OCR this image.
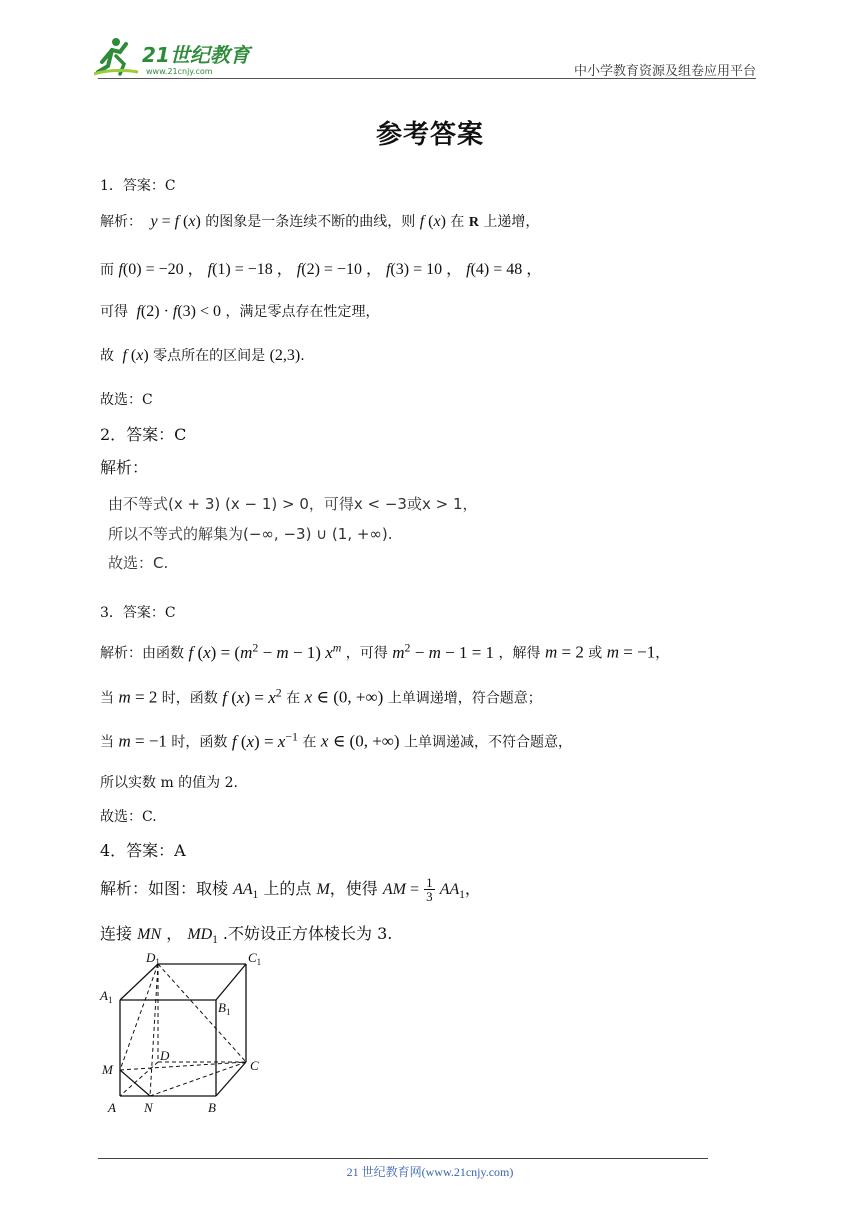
21世纪教育
www.21cnjy.com	中小学教育资源及组卷应用平台
参考答案
1．答案：C
解析：  y = f (x) 的图象是一条连续不断的曲线，则 f (x) 在 R 上递增，
而 f(0) = −20 ， f(1) = −18 ， f(2) = −10 ， f(3) = 10 ， f(4) = 48 ，
可得 f(2) · f(3) < 0 ，满足零点存在性定理，
故  f (x) 零点所在的区间是 (2,3).
故选：C
2．答案：C
解析：
由不等式(x + 3) (x − 1) > 0，可得x < −3或x > 1，
所以不等式的解集为(−∞, −3) ∪ (1, +∞).
故选：C.
3．答案：C
解析：由函数 f $(x) = (m^2 - m - 1)$ $x^m$ ，可得 $m^2 - m - 1 = 1$ ，解得 m = 2 或 m = −1，
当 m = 2 时，函数 f $(x) = x^2$ 在 x ∈ (0, +∞) 上单调递增，符合题意；
当 m = −1 时，函数 f $(x) = x^{-1}$ 在 x ∈ (0, +∞) 上单调递减，不符合题意，
所以实数 m 的值为 2.
故选：C.
4．答案：A
解析：如图：取棱 $AA_1$ 上的点 M，使得 AM = $\frac{1}{3} AA_1$，
连接 MN ， $MD_1$ .不妨设正方体棱长为 3.
$D_1$	$C_1$
$A_1$	$B_1$
M
D
C
A N	B
21 世纪教育网(www.21cnjy.com)
